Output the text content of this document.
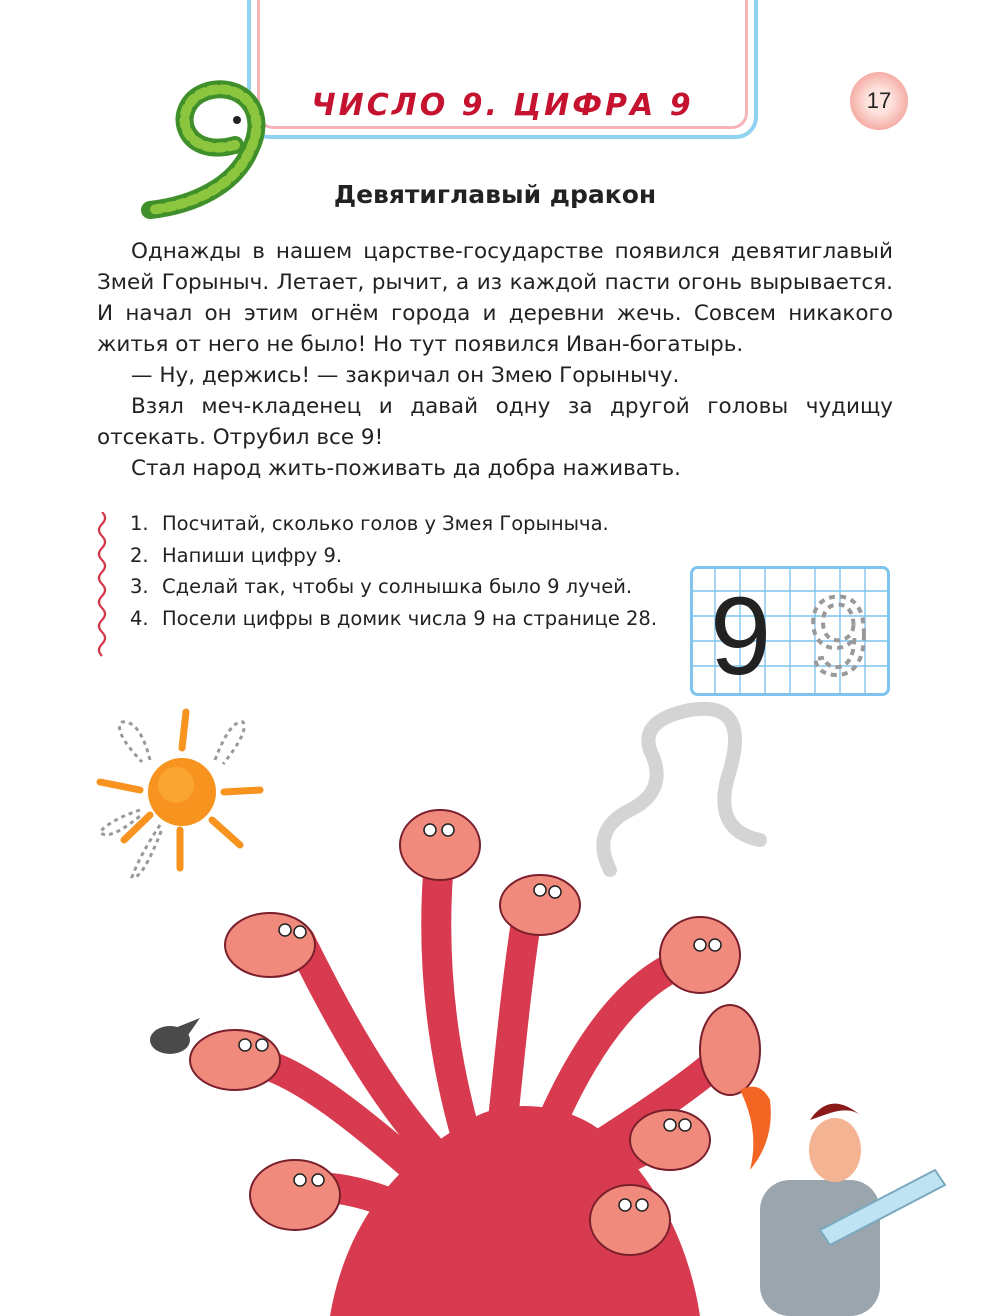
ЧИСЛО 9. ЦИФРА 9	17
Девятиглавый дракон

Однажды в нашем царстве-государстве появился девятиглавый Змей Горыныч. Летает, рычит, а из каждой пасти огонь вырывается. И начал он этим огнём города и деревни жечь. Совсем никакого житья от него не было! Но тут появился Иван-богатырь.

— Ну, держись! — закричал он Змею Горынычу.

Взял меч-кладенец и давай одну за другой головы чудищу отсекать. Отрубил все 9!

Стал народ жить-поживать да добра наживать.

1. Посчитай, сколько голов у Змея Горыныча.
2. Напиши цифру 9.
3. Сделай так, чтобы у солнышка было 9 лучей.
4. Посели цифры в домик числа 9 на странице 28. 9 9
